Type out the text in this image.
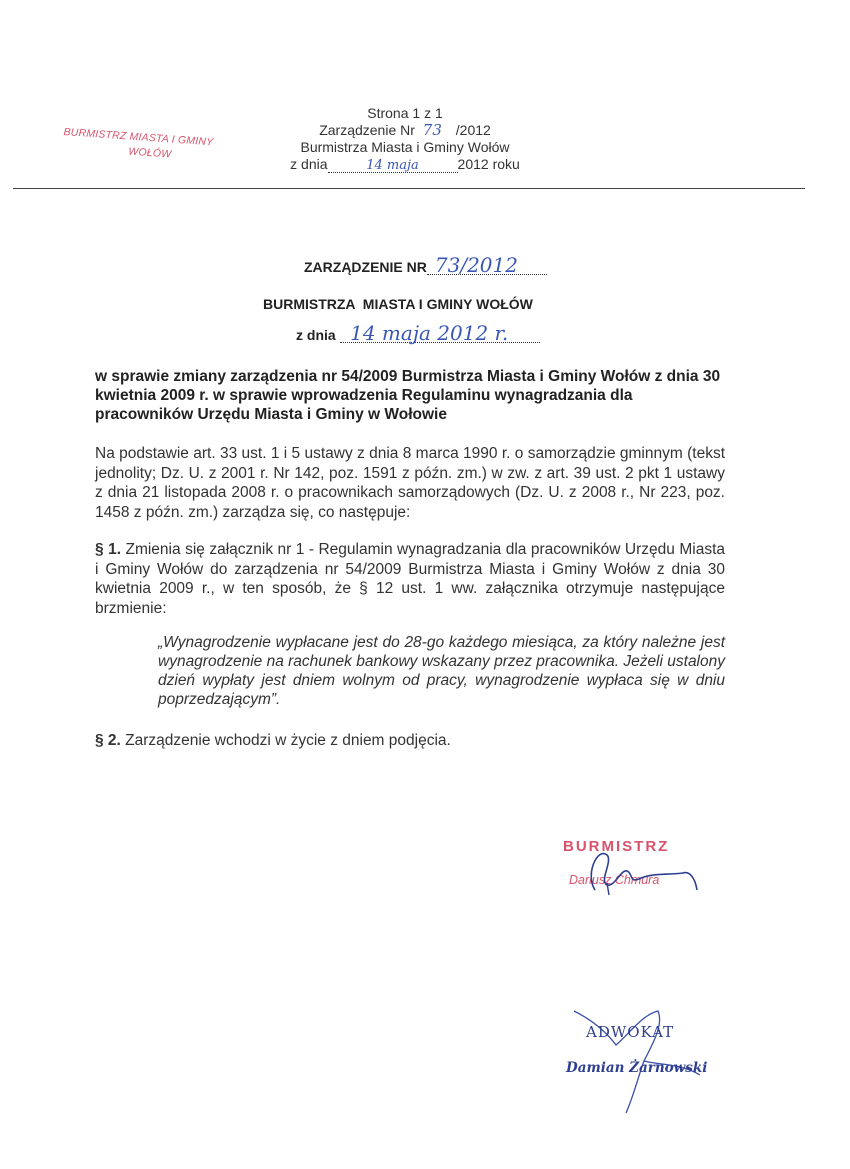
BURMISTRZ MIASTA I GMINY
WOŁÓW
Strona 1 z 1
Zarządzenie Nr 73 /2012
Burmistrza Miasta i Gminy Wołów
z dnia	14 maja	2012 roku
ZARZĄDZENIE NR 73/2012
BURMISTRZA  MIASTA I GMINY WOŁÓW
z dnia 14 maja 2012 r.
w sprawie zmiany zarządzenia nr 54/2009 Burmistrza Miasta i Gminy Wołów z dnia 30 kwietnia 2009 r. w sprawie wprowadzenia Regulaminu wynagradzania dla pracowników Urzędu Miasta i Gminy w Wołowie
Na podstawie art. 33 ust. 1 i 5 ustawy z dnia 8 marca 1990 r. o samorządzie gminnym (tekst jednolity; Dz. U. z 2001 r. Nr 142, poz. 1591 z późn. zm.) w zw. z art. 39 ust. 2 pkt 1 ustawy z dnia 21 listopada 2008 r. o pracownikach samorządowych (Dz. U. z 2008 r., Nr 223, poz. 1458 z późn. zm.) zarządza się, co następuje:
§ 1. Zmienia się załącznik nr 1 - Regulamin wynagradzania dla pracowników Urzędu Miasta i Gminy Wołów do zarządzenia nr 54/2009 Burmistrza Miasta i Gminy Wołów z dnia 30 kwietnia 2009 r., w ten sposób, że § 12 ust. 1 ww. załącznika otrzymuje następujące brzmienie:
„Wynagrodzenie wypłacane jest do 28-go każdego miesiąca, za który należne jest wynagrodzenie na rachunek bankowy wskazany przez pracownika. Jeżeli ustalony dzień wypłaty jest dniem wolnym od pracy, wynagrodzenie wypłaca się w dniu poprzedzającym”.
§ 2. Zarządzenie wchodzi w życie z dniem podjęcia.
BURMISTRZ
Dariusz Chmura
ADWOKAT
Damian Żarnowski
